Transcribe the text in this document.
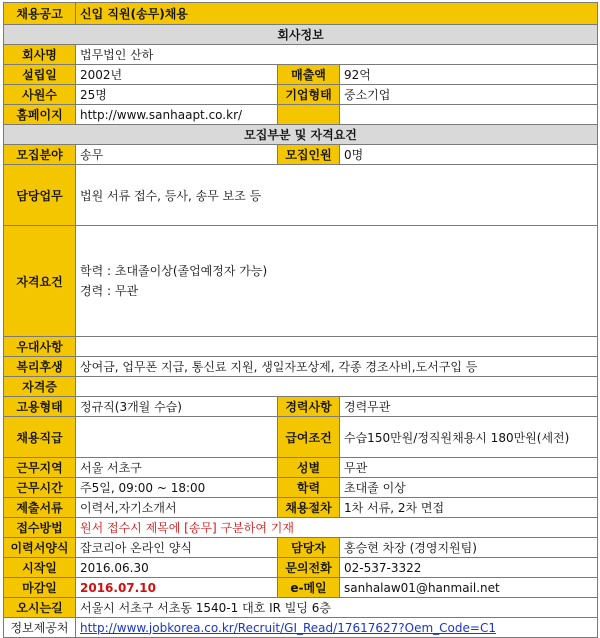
채용공고	신입 직원(송무)채용		
회사정보			
회사명	법무법인 산하		
설립일	2002년	매출액	92억
사원수	25명	기업형태	중소기업
홈페이지	http://www.sanhaapt.co.kr/		
모집부분 및 자격요건			
모집분야	송무	모집인원	0명
담당업무	법원 서류 접수, 등사, 송무 보조 등		
자격요건	학력 : 초대졸이상(졸업예정자 가능)
경력 : 무관		

우대사항			
복리후생	상여금, 업무폰 지급, 통신료 지원, 생일자포상제, 각종 경조사비,도서구입 등		
자격증			
고용형태	정규직(3개월 수습)	경력사항	경력무관
채용직급		급여조건	수습150만원/정직원채용시 180만원(세전)
근무지역	서울 서초구	성별	무관
근무시간	주5일, 09:00 ~ 18:00	학력	초대졸 이상
제출서류	이력서,자기소개서	채용절차	1차 서류, 2차 면접
접수방법	원서 접수시 제목에 [송무] 구분하여 기재		
이력서양식	잡코리아 온라인 양식	담당자	홍승현 차장 (경영지원팀)
시작일	2016.06.30	문의전화	02-537-3322
마감일	2016.07.10	e-메일	sanhalaw01@hanmail.net
오시는길	서울시 서초구 서초동 1540-1 대호 IR 빌딩 6층		
정보제공처	http://www.jobkorea.co.kr/Recruit/GI_Read/17617627?Oem_Code=C1		
